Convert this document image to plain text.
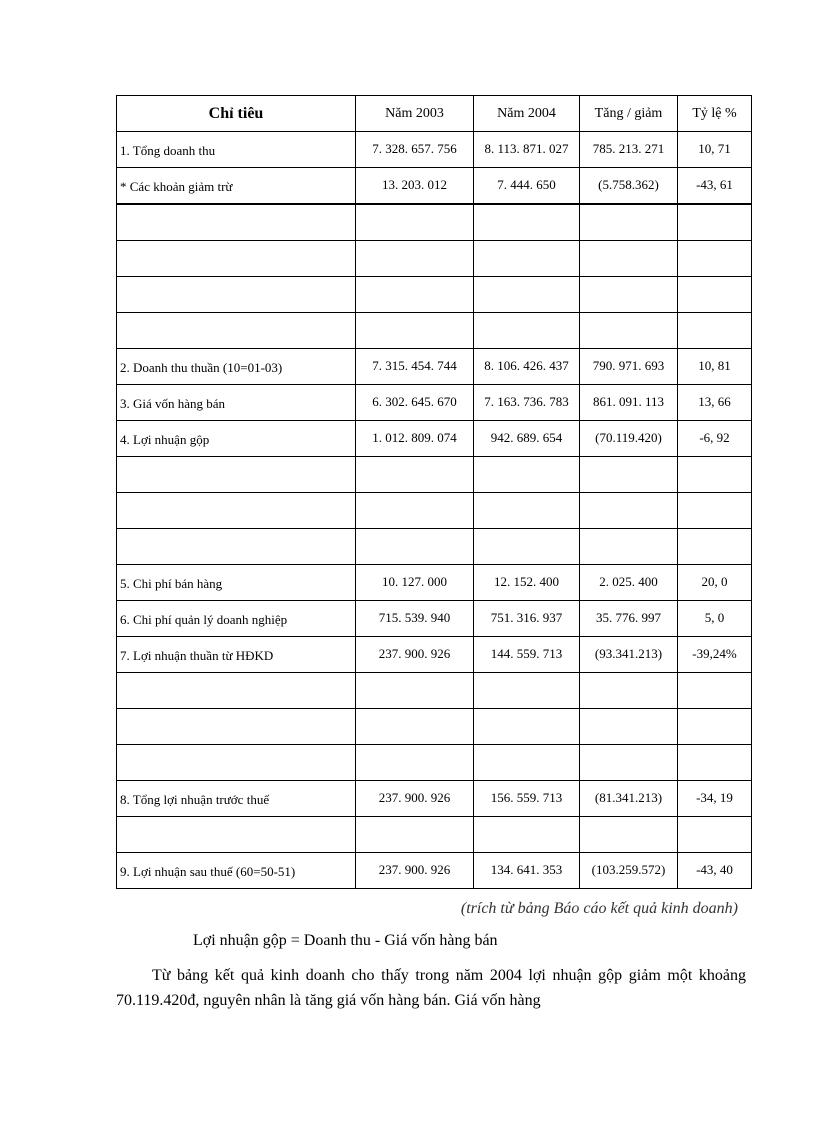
Chỉ tiêu	Năm 2003	Năm 2004	Tăng / giảm	Tỷ lệ %

1. Tổng doanh thu	7. 328. 657. 756	8. 113. 871. 027	785. 213. 271	10, 71

* Các khoản giảm trừ	13. 203. 012	7. 444. 650	(5.758.362)	-43, 61

2. Doanh thu thuần (10=01-03)	7. 315. 454. 744	8. 106. 426. 437	790. 971. 693	10, 81

3. Giá vốn hàng bán	6. 302. 645. 670	7. 163. 736. 783	861. 091. 113	13, 66

4. Lợi nhuận gộp	1. 012. 809. 074	942. 689. 654	(70.119.420)	-6, 92

5. Chi phí bán hàng	10. 127. 000	12. 152. 400	2. 025. 400	20, 0

6. Chi phí quản lý doanh nghiệp	715. 539. 940	751. 316. 937	35. 776. 997	5, 0

7. Lợi nhuận thuần từ HĐKD	237. 900. 926	144. 559. 713	(93.341.213)	-39,24%

8. Tổng lợi nhuận trước thuế	237. 900. 926	156. 559. 713	(81.341.213)	-34, 19

9. Lợi nhuận sau thuế (60=50-51)	237. 900. 926	134. 641. 353	(103.259.572)	-43, 40
(trích từ bảng Báo cáo kết quả kinh doanh)
Lợi nhuận gộp = Doanh thu - Giá vốn hàng bán
Từ bảng kết quả kinh doanh cho thấy trong năm 2004 lợi nhuận gộp giảm một khoảng 70.119.420đ, nguyên nhân là tăng giá vốn hàng bán. Giá vốn hàng
